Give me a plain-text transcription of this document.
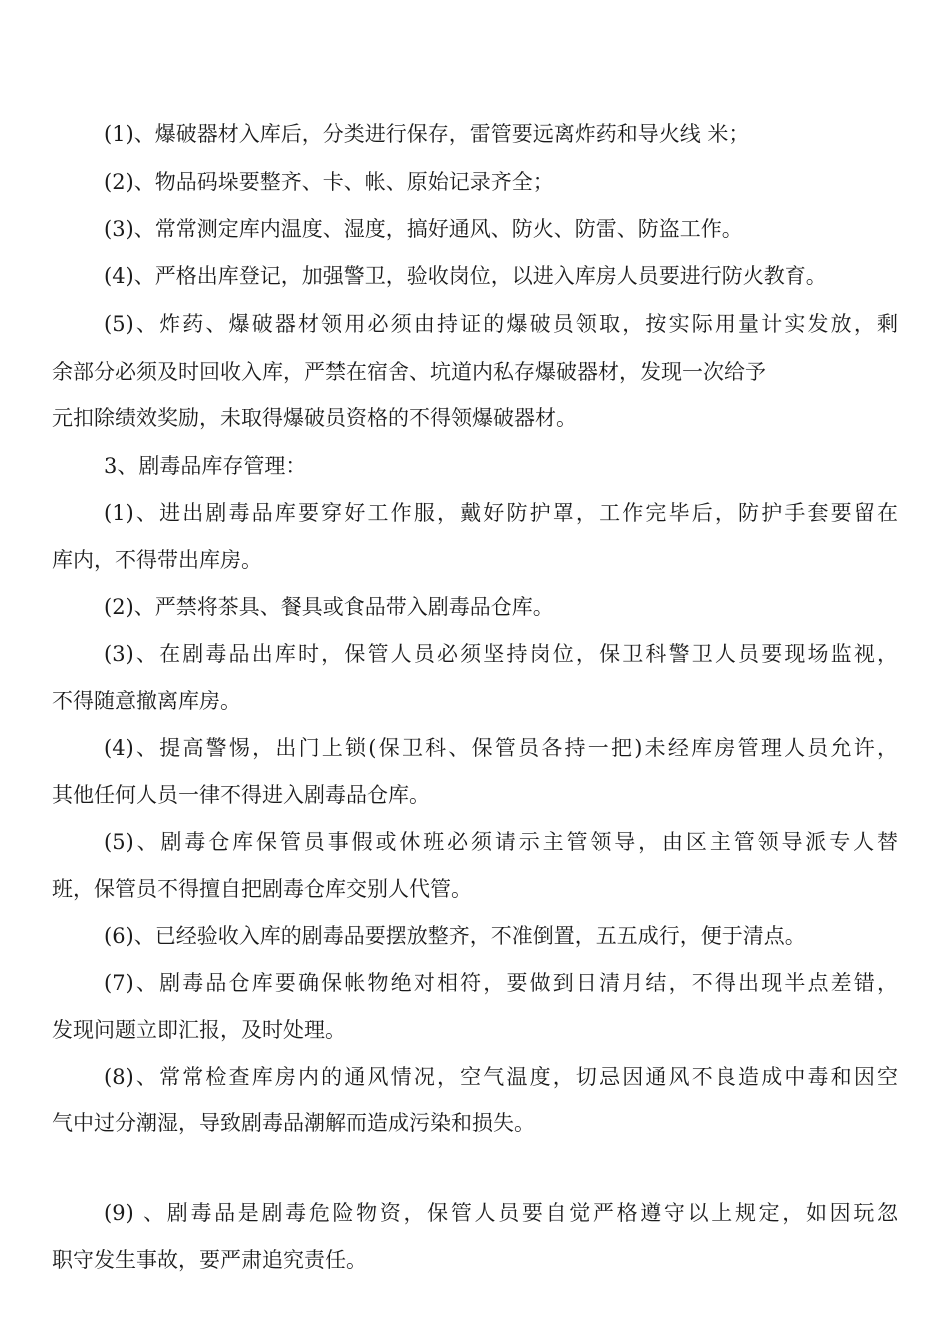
(1)、爆破器材入库后，分类进行保存，雷管要远离炸药和导火线 米；
(2)、物品码垛要整齐、卡、帐、原始记录齐全；
(3)、常常测定库内温度、湿度，搞好通风、防火、防雷、防盗工作。
(4)、严格出库登记，加强警卫，验收岗位，以进入库房人员要进行防火教育。
(5)、炸药、爆破器材领用必须由持证的爆破员领取，按实际用量计实发放，剩
余部分必须及时回收入库，严禁在宿舍、坑道内私存爆破器材，发现一次给予
元扣除绩效奖励，未取得爆破员资格的不得领爆破器材。
3、剧毒品库存管理：
(1)、进出剧毒品库要穿好工作服，戴好防护罩，工作完毕后，防护手套要留在
库内，不得带出库房。
(2)、严禁将茶具、餐具或食品带入剧毒品仓库。
(3)、在剧毒品出库时，保管人员必须坚持岗位，保卫科警卫人员要现场监视，
不得随意撤离库房。
(4)、提高警惕，出门上锁(保卫科、保管员各持一把)未经库房管理人员允许，
其他任何人员一律不得进入剧毒品仓库。
(5)、剧毒仓库保管员事假或休班必须请示主管领导，由区主管领导派专人替
班，保管员不得擅自把剧毒仓库交别人代管。
(6)、已经验收入库的剧毒品要摆放整齐，不准倒置，五五成行，便于清点。
(7)、剧毒品仓库要确保帐物绝对相符，要做到日清月结，不得出现半点差错，
发现问题立即汇报，及时处理。
(8)、常常检查库房内的通风情况，空气温度，切忌因通风不良造成中毒和因空
气中过分潮湿，导致剧毒品潮解而造成污染和损失。
(9) 、剧毒品是剧毒危险物资，保管人员要自觉严格遵守以上规定，如因玩忽
职守发生事故，要严肃追究责任。
